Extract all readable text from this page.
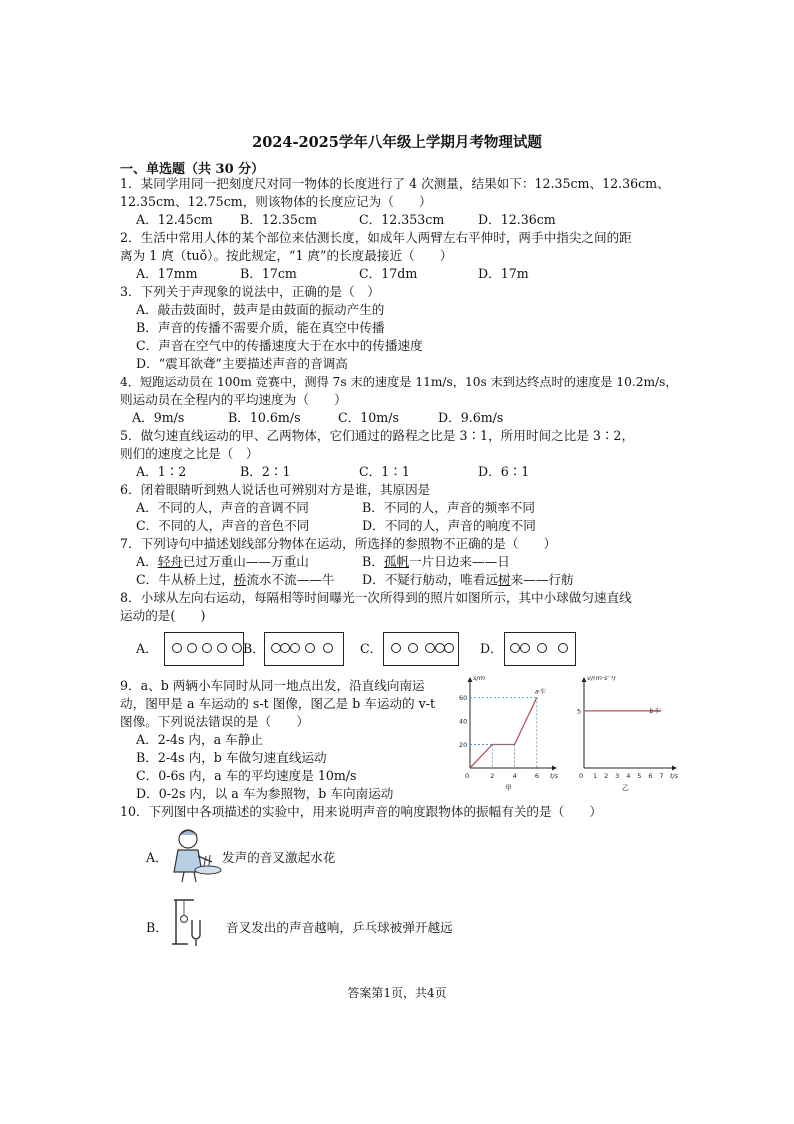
2024-2025学年八年级上学期月考物理试题
一、单选题（共 30 分）
1．某同学用同一把刻度尺对同一物体的长度进行了 4 次测量，结果如下：12.35cm、12.36cm、
12.35cm、12.75cm，则该物体的长度应记为（　　）
A．12.45cm B．12.35cm	C．12.353cm	D．12.36cm
2．生活中常用人体的某个部位来估测长度，如成年人两臂左右平伸时，两手中指尖之间的距
离为 1 庹（tuǒ）。按此规定，“1 庹”的长度最接近（　　）
A．17mm	B．17cm	C．17dm	D．17m
3．下列关于声现象的说法中，正确的是（　）
A．敲击鼓面时，鼓声是由鼓面的振动产生的
B．声音的传播不需要介质，能在真空中传播
C．声音在空气中的传播速度大于在水中的传播速度
D．“震耳欲聋”主要描述声音的音调高
4．短跑运动员在 100m 竞赛中，测得 7s 末的速度是 11m/s，10s 末到达终点时的速度是 10.2m/s，
则运动员在全程内的平均速度为（　　）
A．9m/s	B．10.6m/s	C．10m/s	D．9.6m/s
5．做匀速直线运动的甲、乙两物体，它们通过的路程之比是 3∶1，所用时间之比是 3∶2，
则们的速度之比是（　）
A．1∶2	B．2∶1	C．1∶1	D．6∶1
6．闭着眼睛听到熟人说话也可辨别对方是谁，其原因是
A．不同的人，声音的音调不同	B．不同的人，声音的频率不同
C．不同的人，声音的音色不同	D．不同的人，声音的响度不同
7．下列诗句中描述划线部分物体在运动，所选择的参照物不正确的是（　　）
A．轻舟已过万重山——万重山	B．孤帆一片日边来——日
C．牛从桥上过，桥流水不流——牛 D．不疑行舫动，唯看远树来——行舫
8．小球从左向右运动，每隔相等时间曝光一次所得到的照片如图所示，其中小球做匀速直线
运动的是(　　)
A．	B．	C．	D．
9．a、b 两辆小车同时从同一地点出发，沿直线向南运
动，图甲是 a 车运动的 s-t 图像，图乙是 b 车运动的 v-t
图像。下列说法错误的是（　　）
A．2-4s 内，a 车静止
B．2-4s 内，b 车做匀速直线运动
C．0-6s 内，a 车的平均速度是 10m/s
D．0-2s 内，以 a 车为参照物，b 车向南运动
s/m
t/s
0	2	4	6
20
40
60
a车
甲
v/(m·s⁻¹)
t/s
0 1 2 3 4 5 6 7
5	b车
乙
10．下列图中各项描述的实验中，用来说明声音的响度跟物体的振幅有关的是（　　）
A．	发声的音叉激起水花
B．	音叉发出的声音越响，乒乓球被弹开越远
答案第1页，共4页
